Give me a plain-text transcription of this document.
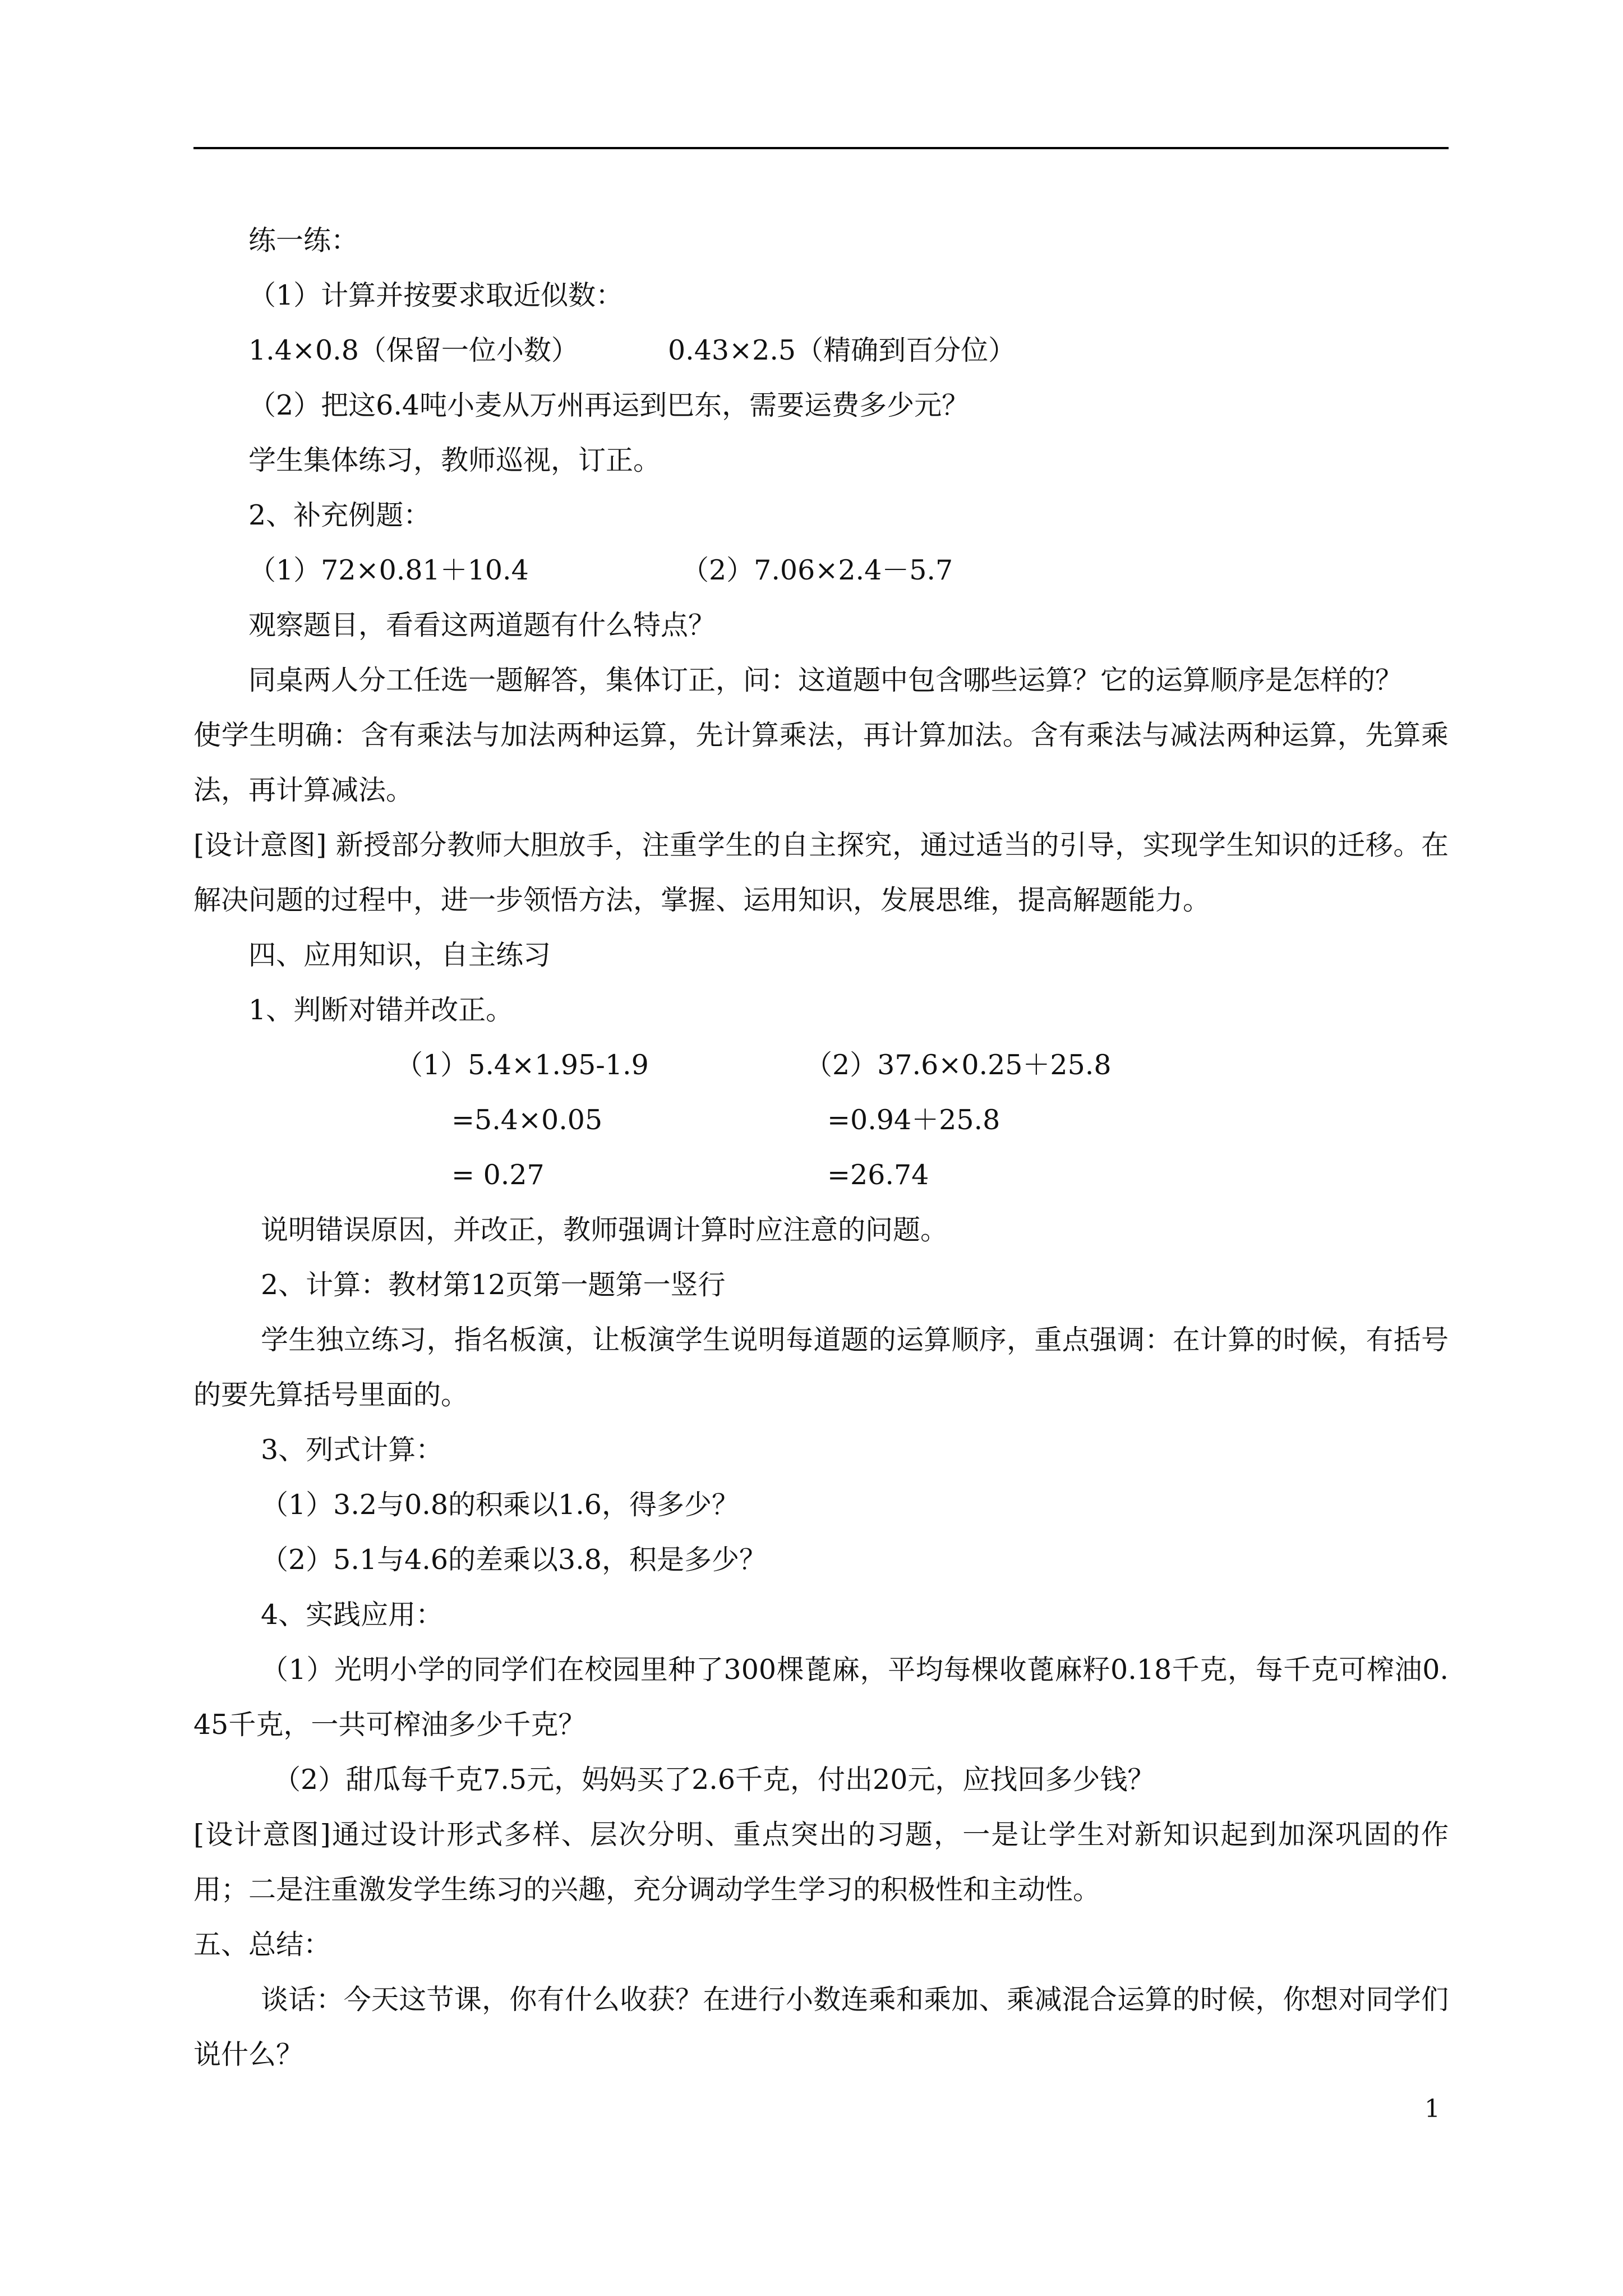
练一练：
（1）计算并按要求取近似数：
1.4×0.8（保留一位小数）	0.43×2.5（精确到百分位）
（2）把这6.4吨小麦从万州再运到巴东，需要运费多少元？
学生集体练习，教师巡视，订正。
2、补充例题：
（1）72×0.81＋10.4	（2）7.06×2.4－5.7
观察题目，看看这两道题有什么特点？
同桌两人分工任选一题解答，集体订正，问：这道题中包含哪些运算？它的运算顺序是怎样的？
使学生明确：含有乘法与加法两种运算，先计算乘法，再计算加法。含有乘法与减法两种运算，先算乘法，再计算减法。
[设计意图] 新授部分教师大胆放手，注重学生的自主探究，通过适当的引导，实现学生知识的迁移。在解决问题的过程中，进一步领悟方法，掌握、运用知识，发展思维，提高解题能力。
四、应用知识，自主练习
1、判断对错并改正。
（1）5.4×1.95-1.9	（2）37.6×0.25＋25.8
=5.4×0.05	=0.94＋25.8
= 0.27	=26.74
说明错误原因，并改正，教师强调计算时应注意的问题。
2、计算：教材第12页第一题第一竖行
学生独立练习，指名板演，让板演学生说明每道题的运算顺序，重点强调：在计算的时候，有括号的要先算括号里面的。
3、列式计算：
（1）3.2与0.8的积乘以1.6，得多少？
（2）5.1与4.6的差乘以3.8，积是多少？
4、实践应用：
（1）光明小学的同学们在校园里种了300棵蓖麻，平均每棵收蓖麻籽0.18千克，每千克可榨油0.45千克，一共可榨油多少千克？
（2）甜瓜每千克7.5元，妈妈买了2.6千克，付出20元，应找回多少钱？
[设计意图]通过设计形式多样、层次分明、重点突出的习题，一是让学生对新知识起到加深巩固的作用；二是注重激发学生练习的兴趣，充分调动学生学习的积极性和主动性。
五、总结：
谈话：今天这节课，你有什么收获？在进行小数连乘和乘加、乘减混合运算的时候，你想对同学们说什么？
1
